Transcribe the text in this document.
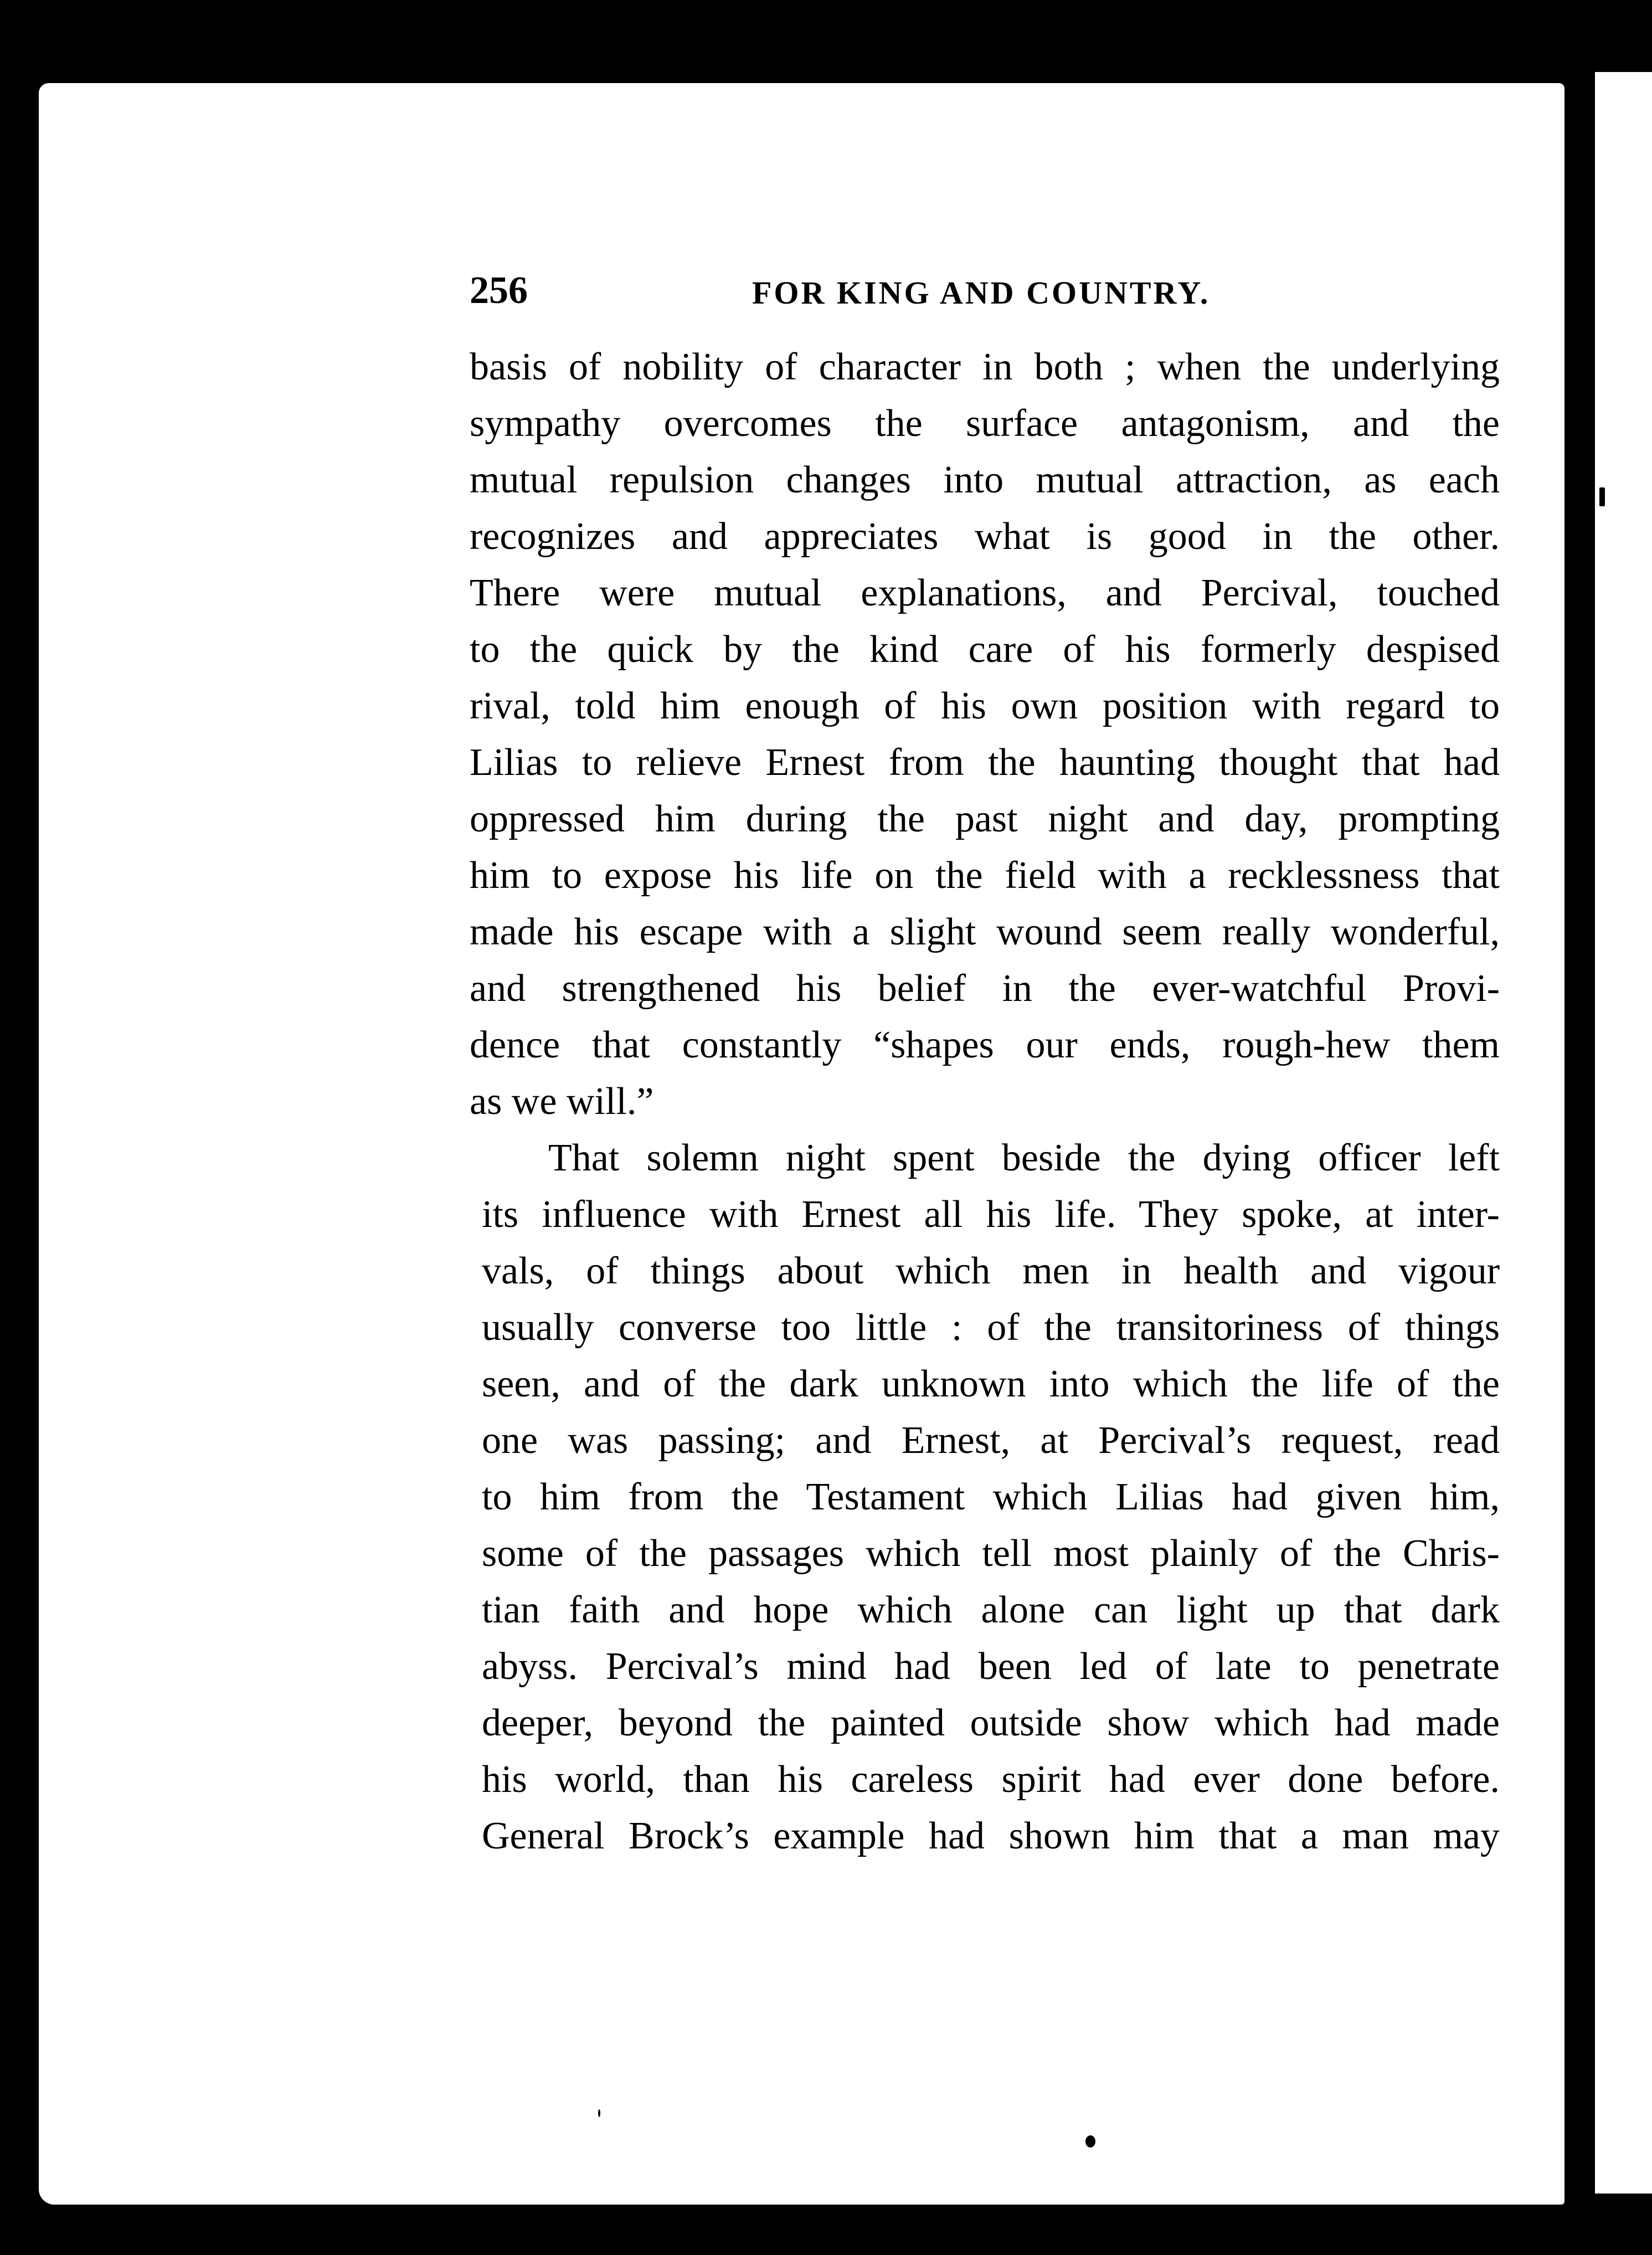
256	FOR KING AND COUNTRY.
basis of nobility of character in both ; when the underlying
sympathy overcomes the surface antagonism, and the
mutual repulsion changes into mutual attraction, as each
recognizes and appreciates what is good in the other.
There were mutual explanations, and Percival, touched
to the quick by the kind care of his formerly despised
rival, told him enough of his own position with regard to
Lilias to relieve Ernest from the haunting thought that had
oppressed him during the past night and day, prompting
him to expose his life on the field with a recklessness that
made his escape with a slight wound seem really wonderful,
and strengthened his belief in the ever-watchful Provi-
dence that constantly “shapes our ends, rough-hew them
as we will.”
That solemn night spent beside the dying officer left
its influence with Ernest all his life. They spoke, at inter-
vals, of things about which men in health and vigour
usually converse too little : of the transitoriness of things
seen, and of the dark unknown into which the life of the
one was passing; and Ernest, at Percival’s request, read
to him from the Testament which Lilias had given him,
some of the passages which tell most plainly of the Chris-
tian faith and hope which alone can light up that dark
abyss. Percival’s mind had been led of late to penetrate
deeper, beyond the painted outside show which had made
his world, than his careless spirit had ever done before.
General Brock’s example had shown him that a man may
